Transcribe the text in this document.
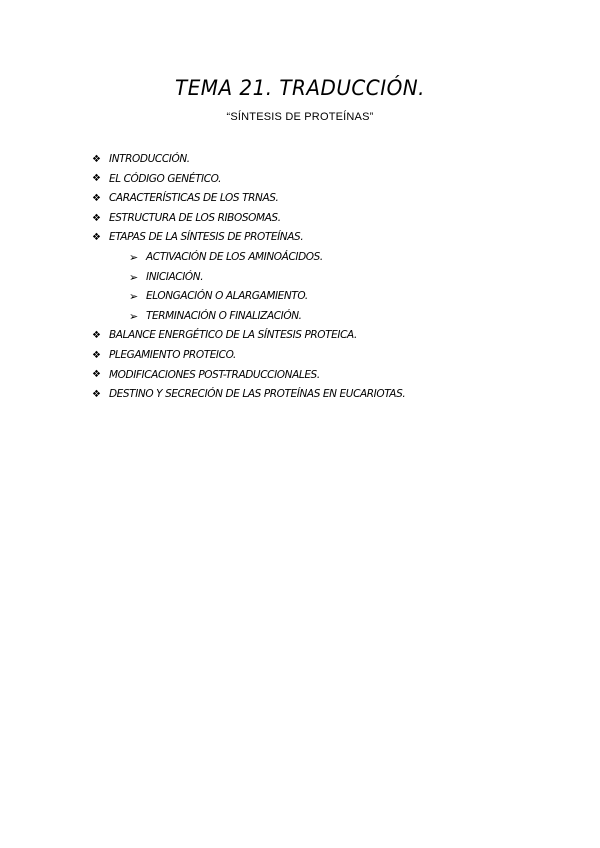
TEMA 21. TRADUCCIÓN.
“SÍNTESIS DE PROTEÍNAS”
❖ INTRODUCCIÓN.
❖ EL CÓDIGO GENÉTICO.
❖ CARACTERÍSTICAS DE LOS TRNAS.
❖ ESTRUCTURA DE LOS RIBOSOMAS.
❖ ETAPAS DE LA SÍNTESIS DE PROTEÍNAS.
➢ ACTIVACIÓN DE LOS AMINOÁCIDOS.
➢ INICIACIÓN.
➢ ELONGACIÓN O ALARGAMIENTO.
➢ TERMINACIÓN O FINALIZACIÓN.
❖ BALANCE ENERGÉTICO DE LA SÍNTESIS PROTEICA.
❖ PLEGAMIENTO PROTEICO.
❖ MODIFICACIONES POST-TRADUCCIONALES.
❖ DESTINO Y SECRECIÓN DE LAS PROTEÍNAS EN EUCARIOTAS.
